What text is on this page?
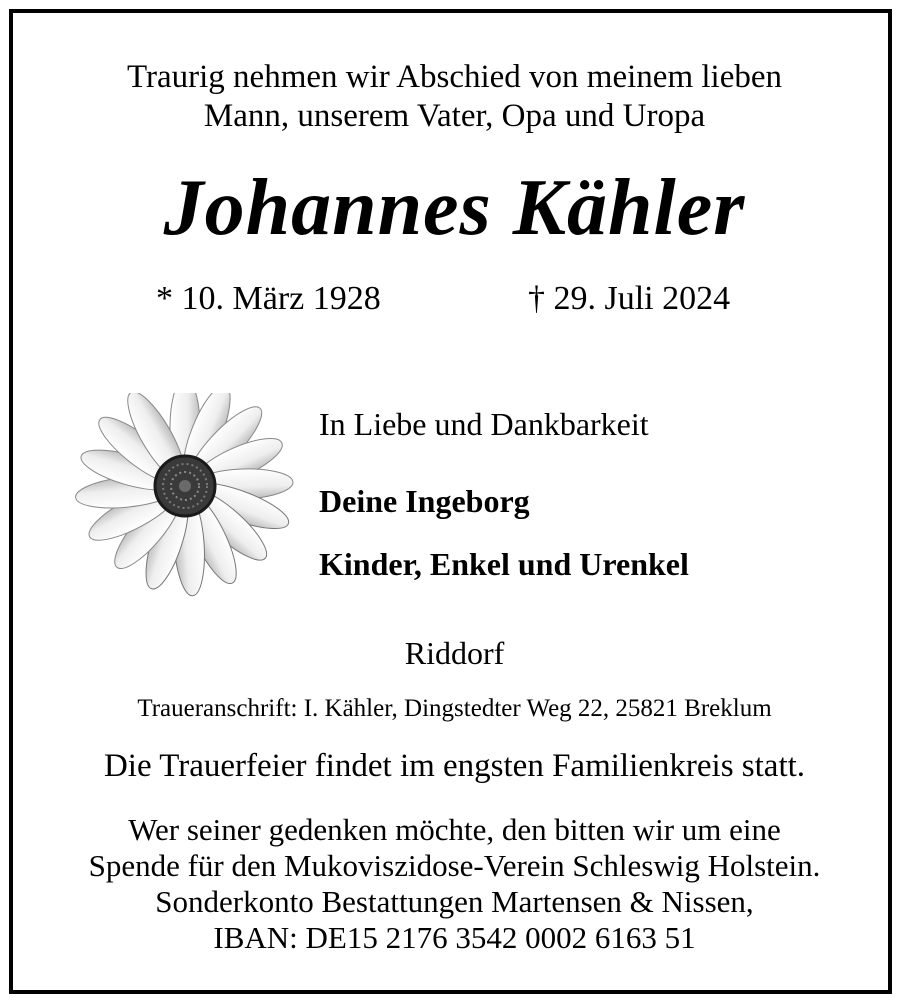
Traurig nehmen wir Abschied von meinem lieben
Mann, unserem Vater, Opa und Uropa
Johannes Kähler
* 10. März 1928	† 29. Juli 2024
In Liebe und Dankbarkeit
Deine Ingeborg
Kinder, Enkel und Urenkel
Riddorf
Traueranschrift: I. Kähler, Dingstedter Weg 22, 25821 Breklum
Die Trauerfeier findet im engsten Familienkreis statt.
Wer seiner gedenken möchte, den bitten wir um eine
Spende für den Mukoviszidose-Verein Schleswig Holstein.
Sonderkonto Bestattungen Martensen & Nissen,
IBAN: DE15 2176 3542 0002 6163 51
